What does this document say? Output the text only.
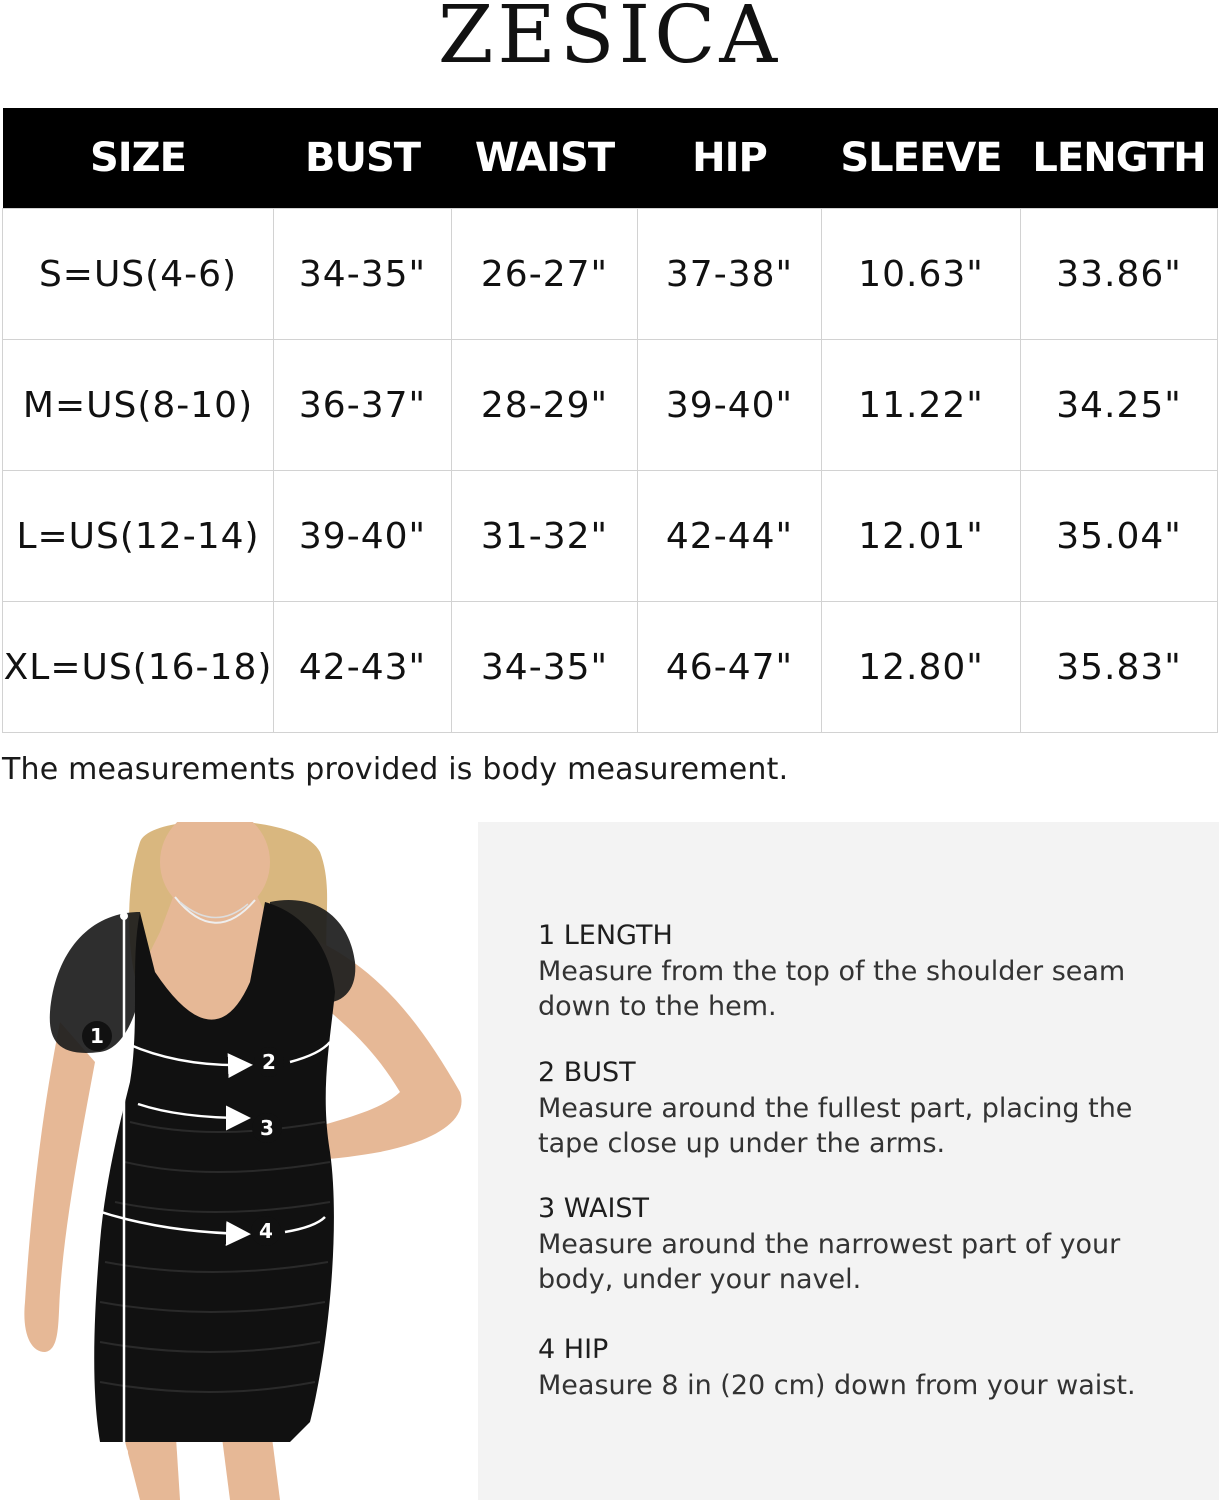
ZESICA
SIZE	BUST	WAIST	HIP	SLEEVE	LENGTH
S=US(4-6)	34-35"	26-27"	37-38"	10.63"	33.86"
M=US(8-10)	36-37"	28-29"	39-40"	11.22"	34.25"
L=US(12-14)	39-40"	31-32"	42-44"	12.01"	35.04"
XL=US(16-18)	42-43"	34-35"	46-47"	12.80"	35.83"
The measurements provided is body measurement.
1
2
3
4
1 LENGTH
Measure from the top of the shoulder seam down to the hem.
2 BUST
Measure around the fullest part, placing the tape close up under the arms.
3 WAIST
Measure around the narrowest part of your body, under your navel.
4 HIP
Measure 8 in (20 cm) down from your waist.
